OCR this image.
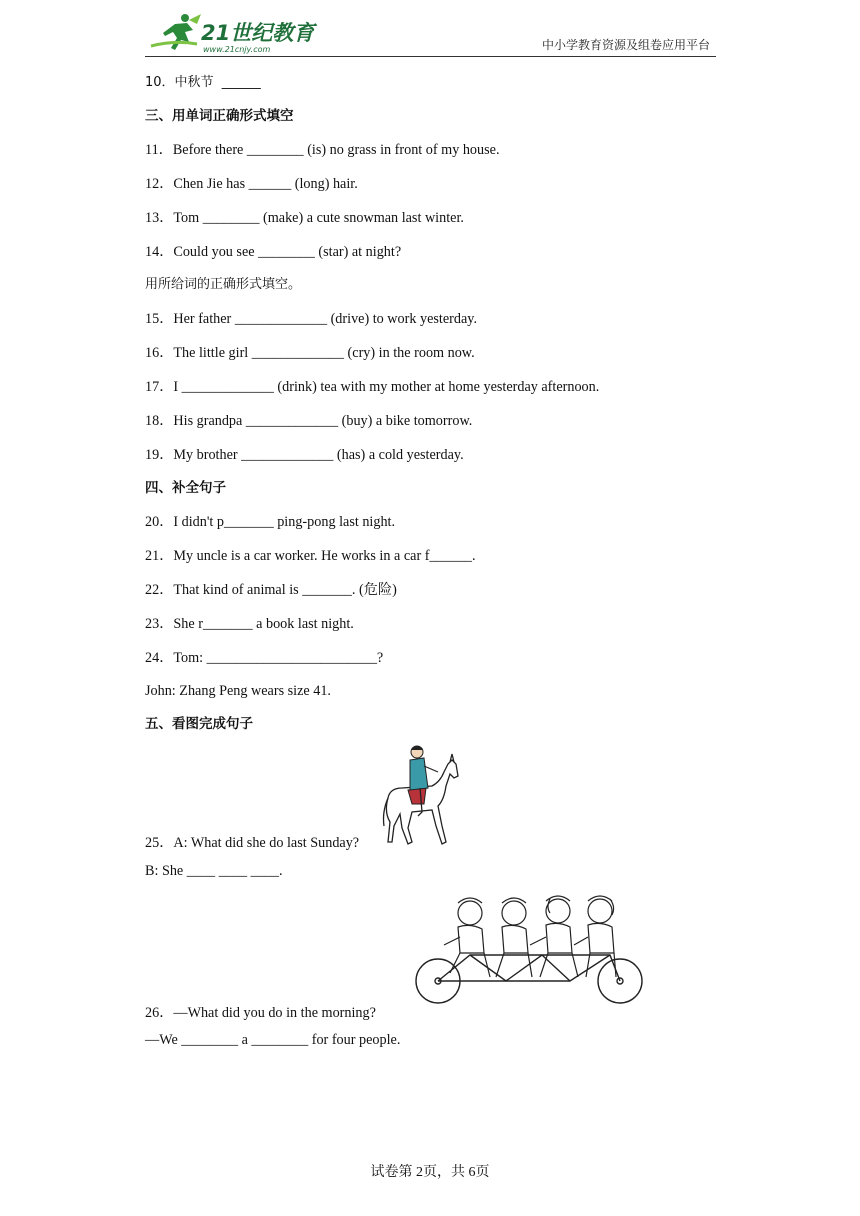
21世纪教育
www.21cnjy.com	中小学教育资源及组卷应用平台
10．中秋节  ______
三、用单词正确形式填空
11．Before there ________ (is) no grass in front of my house.
12．Chen Jie has ______ (long) hair.
13．Tom ________ (make) a cute snowman last winter.
14．Could you see ________ (star) at night?
用所给词的正确形式填空。
15．Her father _____________ (drive) to work yesterday.
16．The little girl _____________ (cry) in the room now.
17．I _____________ (drink) tea with my mother at home yesterday afternoon.
18．His grandpa _____________ (buy) a bike tomorrow.
19．My brother _____________ (has) a cold yesterday.
四、补全句子
20．I didn't p_______ ping-pong last night.
21．My uncle is a car worker. He works in a car f______.
22．That kind of animal is _______. (危险)
23．She r_______ a book last night.
24．Tom: ________________________?
John: Zhang Peng wears size 41.
五、看图完成句子
25．A: What did she do last Sunday?
B: She ____ ____ ____.
26．—What did you do in the morning?
—We ________ a ________ for four people.
试卷第 2页，共 6页
